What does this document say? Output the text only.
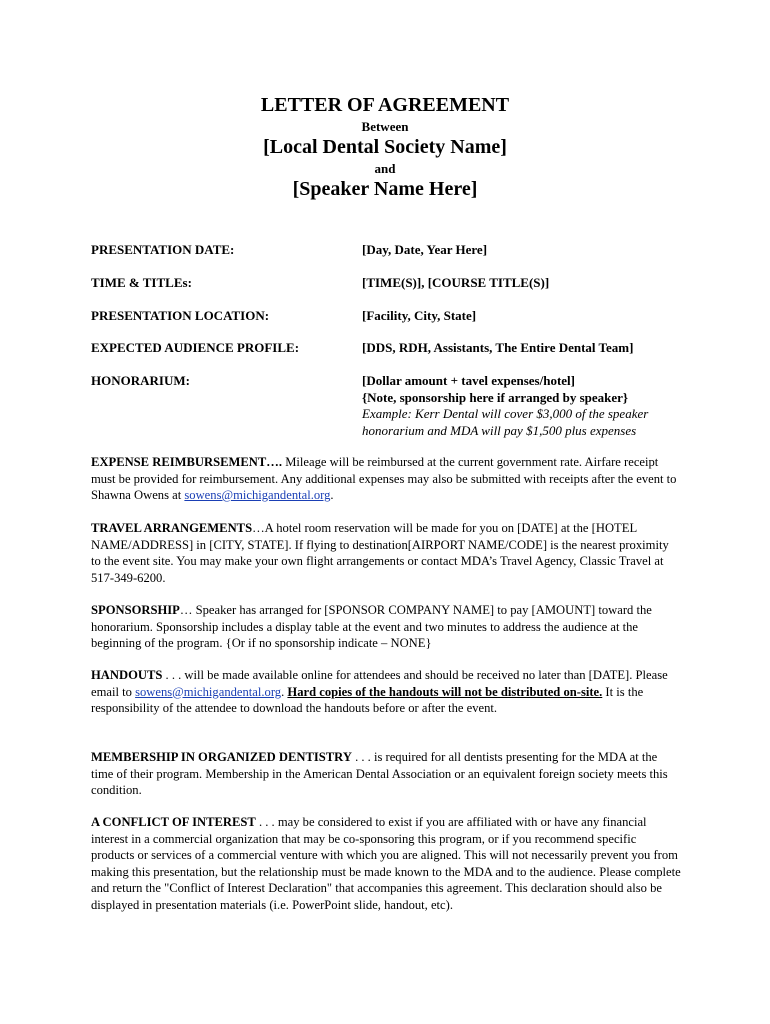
LETTER OF AGREEMENT
Between
[Local Dental Society Name]
and
[Speaker Name Here]
PRESENTATION DATE:	[Day, Date, Year Here]
TIME & TITLEs:	[TIME(S)], [COURSE TITLE(S)]
PRESENTATION LOCATION:	[Facility, City, State]
EXPECTED AUDIENCE PROFILE:	[DDS, RDH, Assistants, The Entire Dental Team]
HONORARIUM:	[Dollar amount + tavel expenses/hotel]
{Note, sponsorship here if arranged by speaker}
Example: Kerr Dental will cover $3,000 of the speaker
honorarium and MDA will pay $1,500 plus expenses
EXPENSE REIMBURSEMENT…. Mileage will be reimbursed at the current government rate. Airfare receipt must be provided for reimbursement. Any additional expenses may also be submitted with receipts after the event to Shawna Owens at sowens@michigandental.org.
TRAVEL ARRANGEMENTS…A hotel room reservation will be made for you on [DATE] at the [HOTEL NAME/ADDRESS] in [CITY, STATE]. If flying to destination[AIRPORT NAME/CODE] is the nearest proximity to the event site. You may make your own flight arrangements or contact MDA’s Travel Agency, Classic Travel at 517-349-6200.
SPONSORSHIP… Speaker has arranged for [SPONSOR COMPANY NAME] to pay [AMOUNT] toward the honorarium. Sponsorship includes a display table at the event and two minutes to address the audience at the beginning of the program. {Or if no sponsorship indicate – NONE}
HANDOUTS . . . will be made available online for attendees and should be received no later than [DATE]. Please email to sowens@michigandental.org. Hard copies of the handouts will not be distributed on-site. It is the responsibility of the attendee to download the handouts before or after the event.
MEMBERSHIP IN ORGANIZED DENTISTRY . . . is required for all dentists presenting for the MDA at the time of their program. Membership in the American Dental Association or an equivalent foreign society meets this condition.
A CONFLICT OF INTEREST . . . may be considered to exist if you are affiliated with or have any financial interest in a commercial organization that may be co-sponsoring this program, or if you recommend specific products or services of a commercial venture with which you are aligned. This will not necessarily prevent you from making this presentation, but the relationship must be made known to the MDA and to the audience. Please complete and return the "Conflict of Interest Declaration" that accompanies this agreement. This declaration should also be displayed in presentation materials (i.e. PowerPoint slide, handout, etc).
